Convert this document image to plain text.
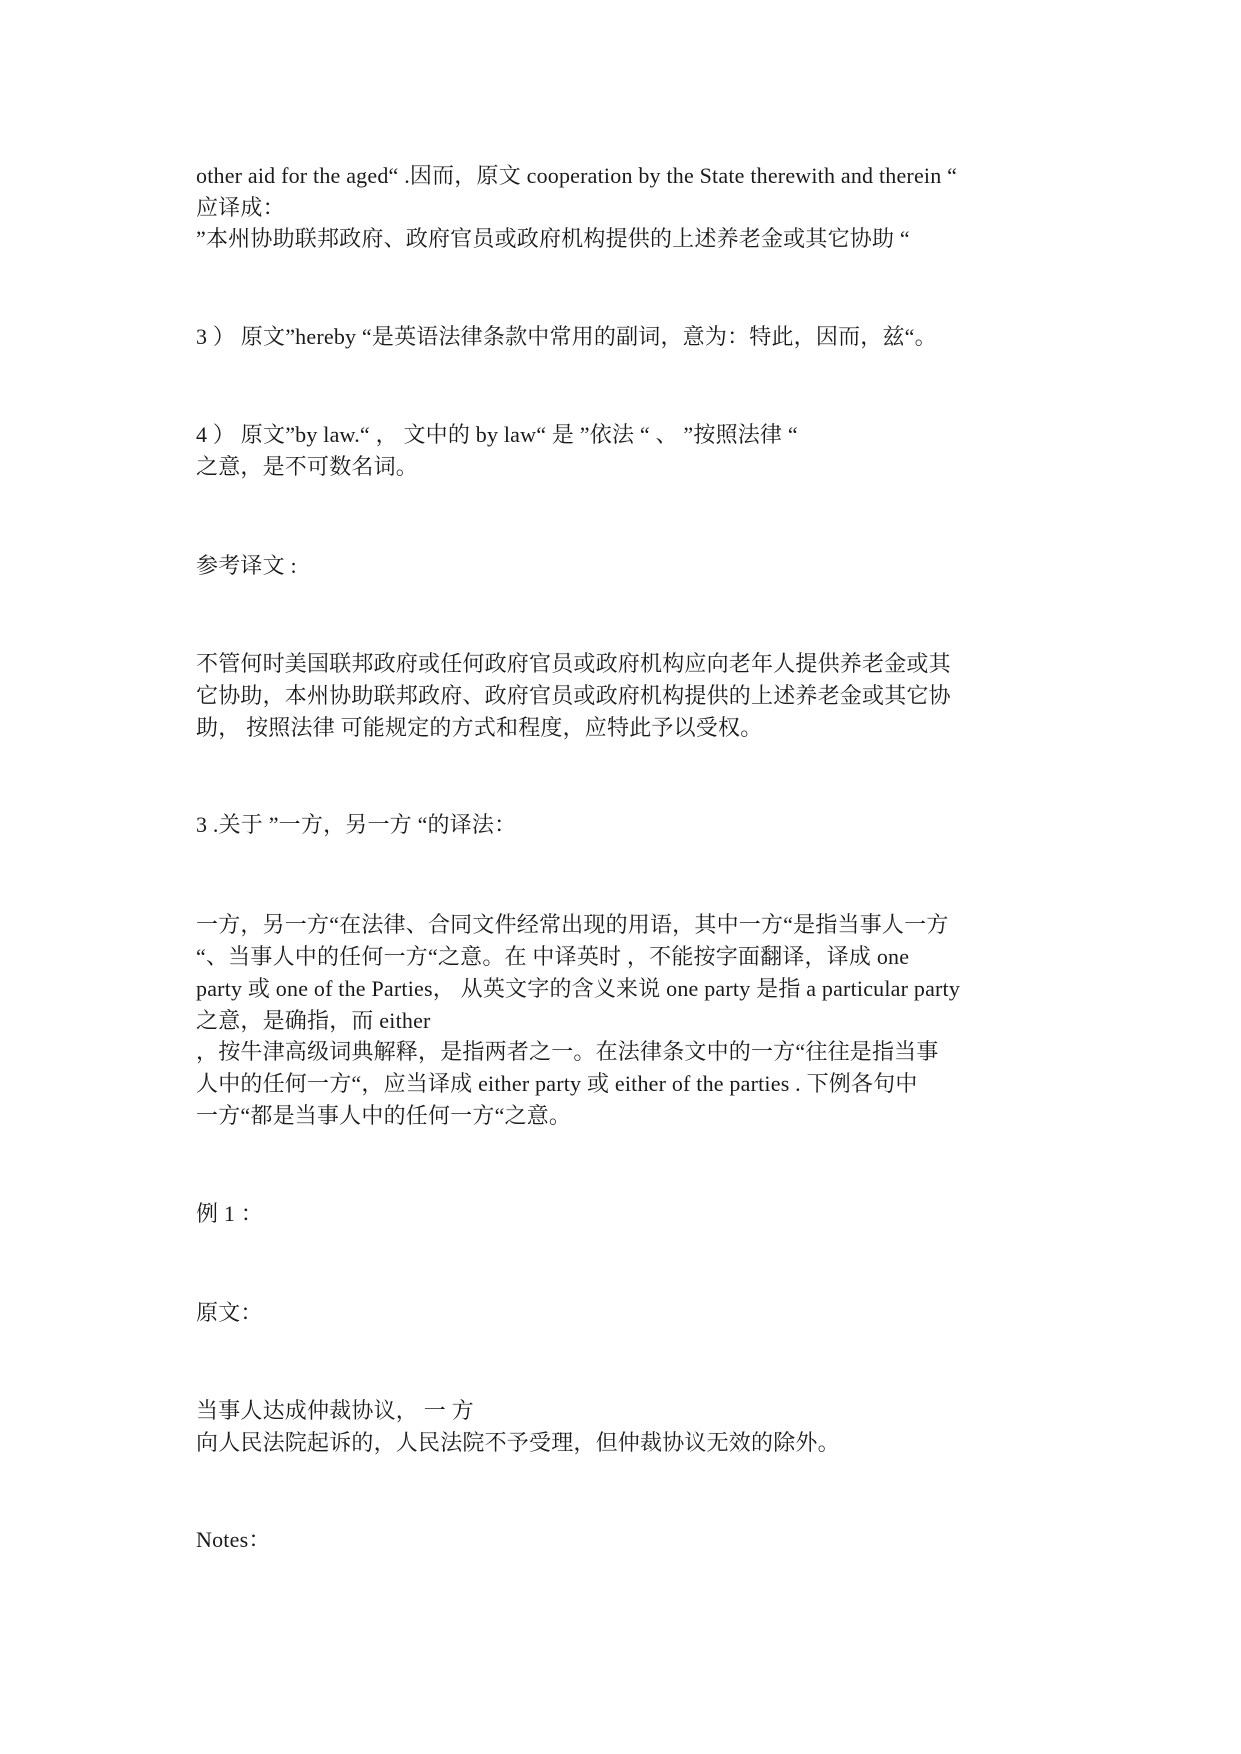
other aid for the aged“ .因而，原文 cooperation by the State therewith and therein “
应译成：
”本州协助联邦政府、政府官员或政府机构提供的上述养老金或其它协助 “
3 ） 原文”hereby “是英语法律条款中常用的副词，意为：特此，因而，兹“。
4 ） 原文”by law.“ ， 文中的 by law“ 是 ”依法 “ 、 ”按照法律 “
之意，是不可数名词。
参考译文 :
不管何时美国联邦政府或任何政府官员或政府机构应向老年人提供养老金或其
它协助，本州协助联邦政府、政府官员或政府机构提供的上述养老金或其它协
助， 按照法律 可能规定的方式和程度，应特此予以受权。
3 .关于 ”一方，另一方 “的译法：
一方，另一方“在法律、合同文件经常出现的用语，其中一方“是指当事人一方
“、当事人中的任何一方“之意。在 中译英时 ，不能按字面翻译，译成 one
party 或 one of the Parties， 从英文字的含义来说 one party 是指 a particular party
之意，是确指，而 either
，按牛津高级词典解释，是指两者之一。在法律条文中的一方“往往是指当事
人中的任何一方“，应当译成 either party 或 either of the parties . 下例各句中
一方“都是当事人中的任何一方“之意。
例 1 ：
原文：
当事人达成仲裁协议， 一 方
向人民法院起诉的，人民法院不予受理，但仲裁协议无效的除外。
Notes：
